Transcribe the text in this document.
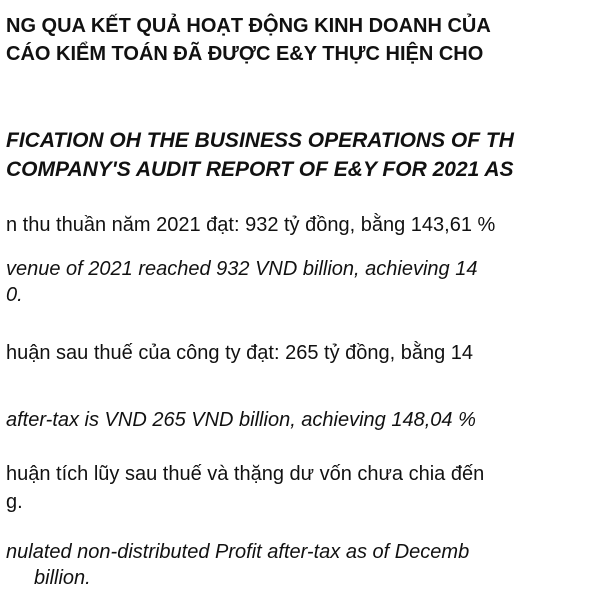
NG QUA KẾT QUẢ HOẠT ĐỘNG KINH DOANH CỦA
CÁO KIỂM TOÁN ĐÃ ĐƯỢC E&Y THỰC HIỆN CHO
FICATION OH THE BUSINESS OPERATIONS OF TH
COMPANY'S AUDIT REPORT OF E&Y FOR 2021 AS
n thu thuần năm 2021 đạt: 932 tỷ đồng, bằng 143,61 %
venue of 2021 reached 932 VND billion, achieving 14
0.
huận sau thuế của công ty đạt: 265 tỷ đồng, bằng 14
after-tax is VND 265 VND billion, achieving 148,04 %
huận tích lũy sau thuế và thặng dư vốn chưa chia đến
g.
nulated non-distributed Profit after-tax as of Decemb
billion.
